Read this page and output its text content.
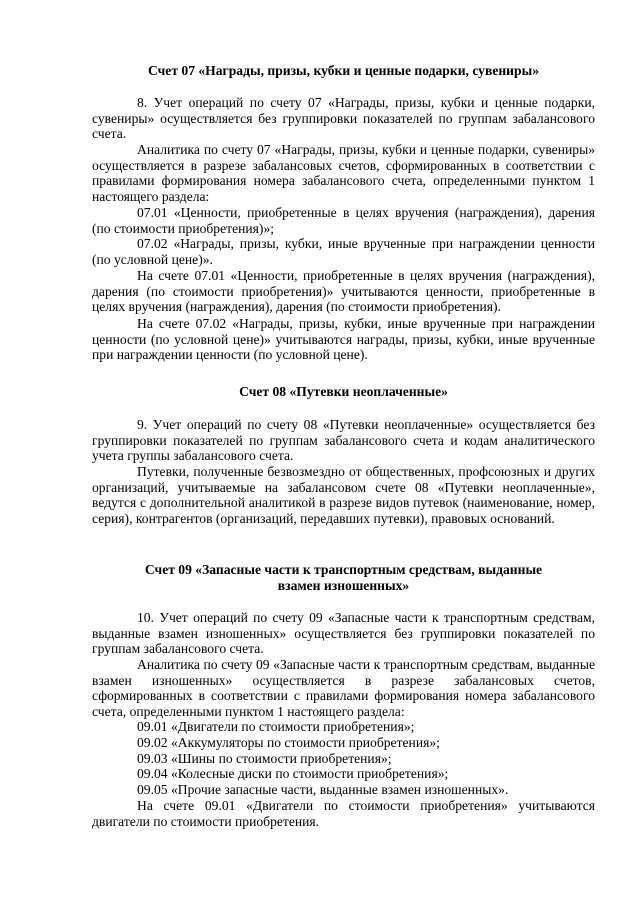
Счет 07 «Награды, призы, кубки и ценные подарки, сувениры»

8. Учет операций по счету 07 «Награды, призы, кубки и ценные подарки, сувениры» осуществляется без группировки показателей по группам забалансового счета.

Аналитика по счету 07 «Награды, призы, кубки и ценные подарки, сувениры» осуществляется в разрезе забалансовых счетов, сформированных в соответствии с правилами формирования номера забалансового счета, определенными пунктом 1 настоящего раздела:

07.01 «Ценности, приобретенные в целях вручения (награждения), дарения (по стоимости приобретения)»;

07.02 «Награды, призы, кубки, иные врученные при награждении ценности (по условной цене)».

На счете 07.01 «Ценности, приобретенные в целях вручения (награждения), дарения (по стоимости приобретения)» учитываются ценности, приобретенные в целях вручения (награждения), дарения (по стоимости приобретения).

На счете 07.02 «Награды, призы, кубки, иные врученные при награждении ценности (по условной цене)» учитываются награды, призы, кубки, иные врученные при награждении ценности (по условной цене).

Счет 08 «Путевки неоплаченные»

9. Учет операций по счету 08 «Путевки неоплаченные» осуществляется без группировки показателей по группам забалансового счета и кодам аналитического учета группы забалансового счета.

Путевки, полученные безвозмездно от общественных, профсоюзных и других организаций, учитываемые на забалансовом счете 08 «Путевки неоплаченные», ведутся с дополнительной аналитикой в разрезе видов путевок (наименование, номер, серия), контрагентов (организаций, передавших путевки), правовых оснований.

Счет 09 «Запасные части к транспортным средствам, выданные
взамен изношенных»

10. Учет операций по счету 09 «Запасные части к транспортным средствам, выданные взамен изношенных» осуществляется без группировки показателей по группам забалансового счета.

Аналитика по счету 09 «Запасные части к транспортным средствам, выданные взамен изношенных» осуществляется в разрезе забалансовых счетов, сформированных в соответствии с правилами формирования номера забалансового счета, определенными пунктом 1 настоящего раздела:

09.01 «Двигатели по стоимости приобретения»;

09.02 «Аккумуляторы по стоимости приобретения»;

09.03 «Шины по стоимости приобретения»;

09.04 «Колесные диски по стоимости приобретения»;

09.05 «Прочие запасные части, выданные взамен изношенных».

На счете 09.01 «Двигатели по стоимости приобретения» учитываются двигатели по стоимости приобретения.
